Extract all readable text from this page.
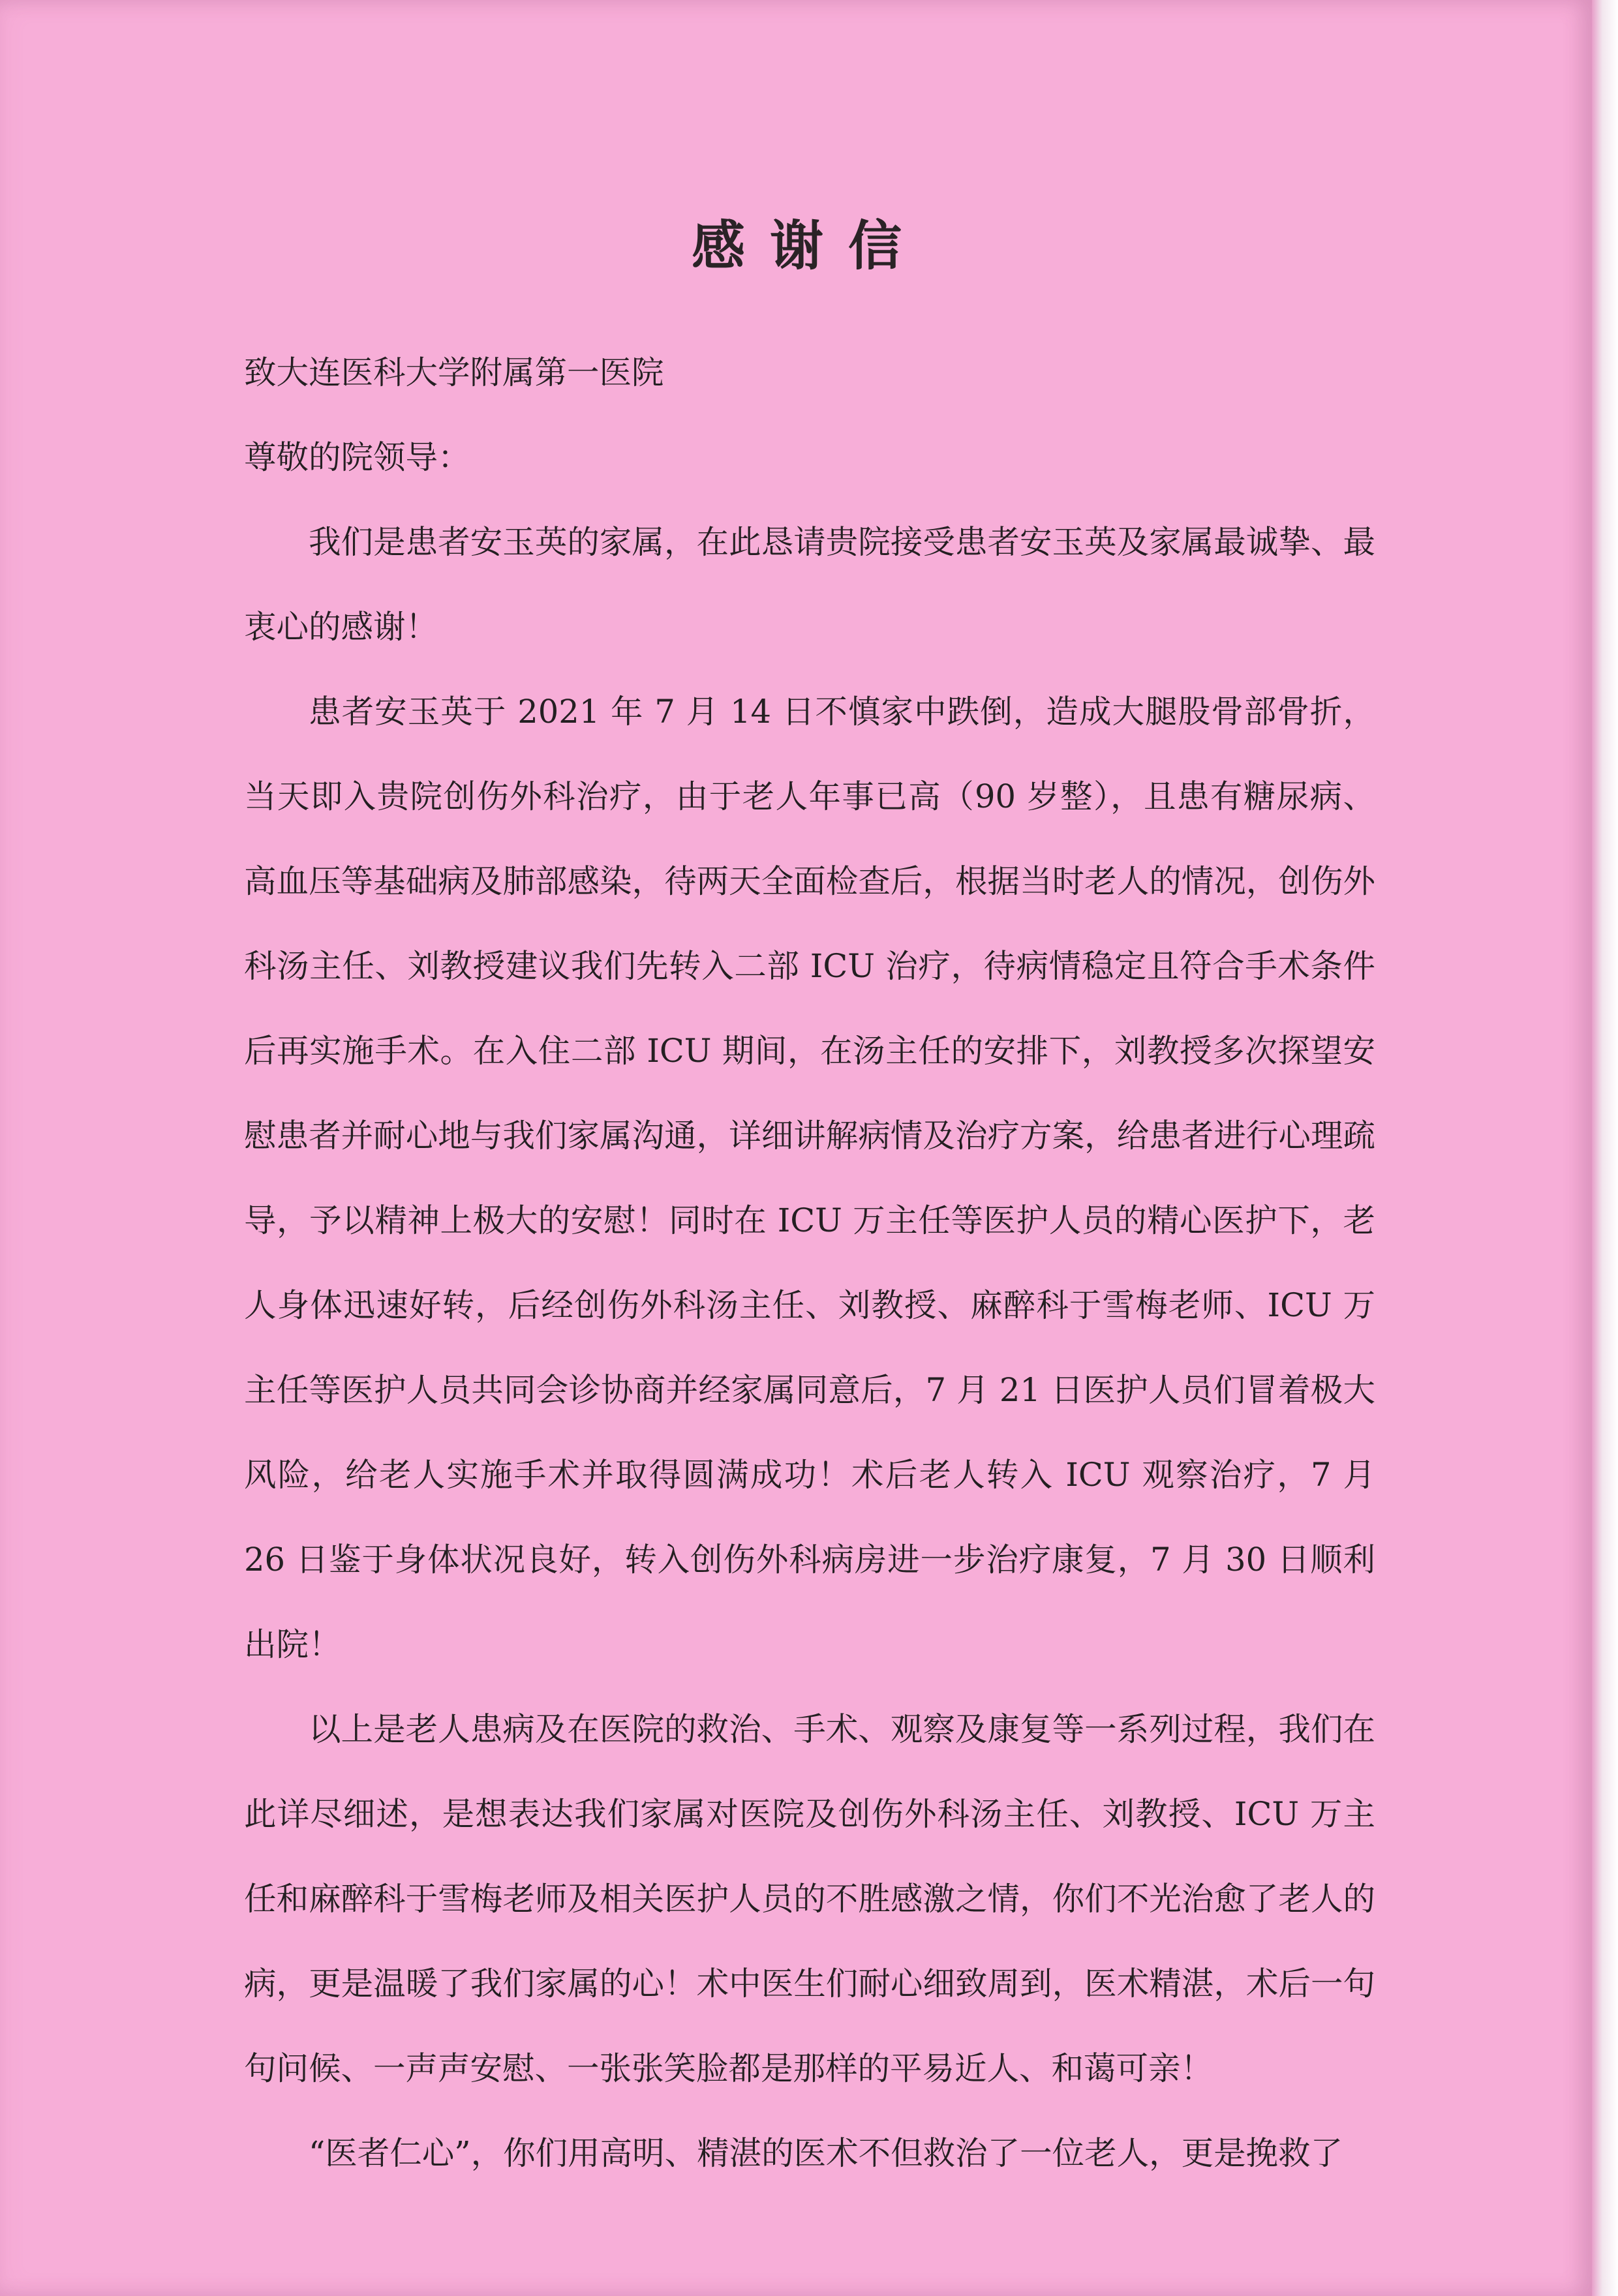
感谢信

致大连医科大学附属第一医院

尊敬的院领导：

我们是患者安玉英的家属，在此恳请贵院接受患者安玉英及家属最诚挚、最衷心的感谢！

患者安玉英于 2021 年 7 月 14 日不慎家中跌倒，造成大腿股骨部骨折，当天即入贵院创伤外科治疗，由于老人年事已高（90 岁整），且患有糖尿病、高血压等基础病及肺部感染，待两天全面检查后，根据当时老人的情况，创伤外科汤主任、刘教授建议我们先转入二部 ICU 治疗，待病情稳定且符合手术条件后再实施手术。在入住二部 ICU 期间，在汤主任的安排下，刘教授多次探望安慰患者并耐心地与我们家属沟通，详细讲解病情及治疗方案，给患者进行心理疏导，予以精神上极大的安慰！同时在 ICU 万主任等医护人员的精心医护下，老人身体迅速好转，后经创伤外科汤主任、刘教授、麻醉科于雪梅老师、ICU 万主任等医护人员共同会诊协商并经家属同意后，7 月 21 日医护人员们冒着极大风险，给老人实施手术并取得圆满成功！术后老人转入 ICU 观察治疗，7 月 26 日鉴于身体状况良好，转入创伤外科病房进一步治疗康复，7 月 30 日顺利出院！

以上是老人患病及在医院的救治、手术、观察及康复等一系列过程，我们在此详尽细述，是想表达我们家属对医院及创伤外科汤主任、刘教授、ICU 万主任和麻醉科于雪梅老师及相关医护人员的不胜感激之情，你们不光治愈了老人的病，更是温暖了我们家属的心！术中医生们耐心细致周到，医术精湛，术后一句句问候、一声声安慰、一张张笑脸都是那样的平易近人、和蔼可亲！

“医者仁心”，你们用高明、精湛的医术不但救治了一位老人，更是挽救了
